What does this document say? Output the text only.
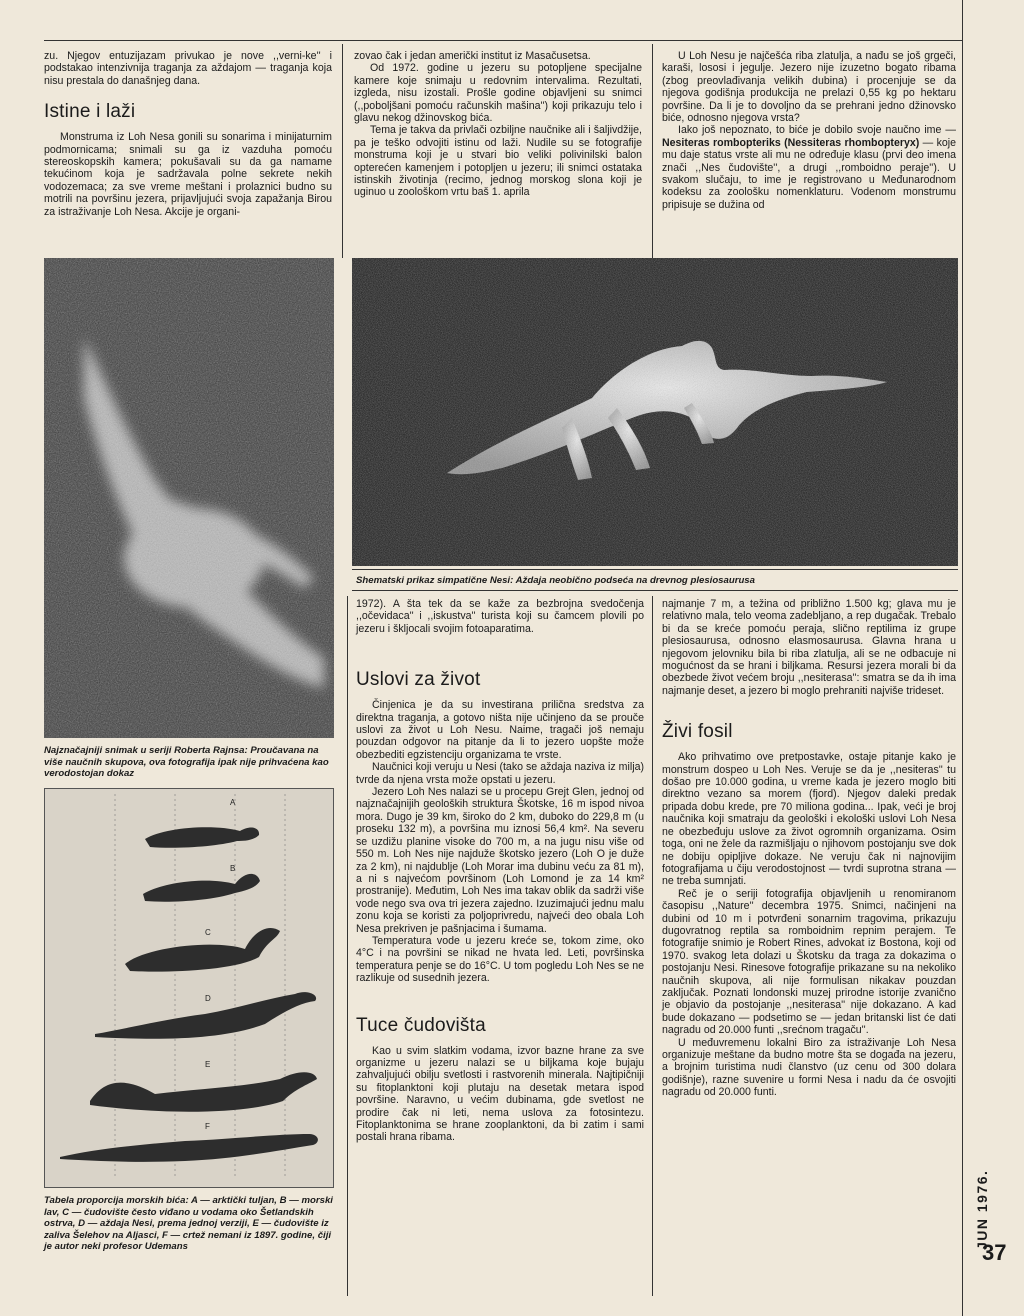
zu. Njegov entuzijazam privukao je nove ,,verni-ke'' i podstakao intenzivnija traganja za aždajom — traganja koja nisu prestala do današnjeg dana.

Istine i laži

Monstruma iz Loh Nesa gonili su sonarima i minijaturnim podmornicama; snimali su ga iz vazduha pomoću stereoskopskih kamera; pokušavali su da ga namame tekućinom koja je sadržavala polne sekrete nekih vodozemaca; za sve vreme meštani i prolaznici budno su motrili na površinu jezera, prijavljujući svoja zapažanja Birou za istraživanje Loh Nesa. Akcije je organi-

Najznačajniji snimak u seriji Roberta Rajnsa: Proučavana na više naučnih skupova, ova fotografija ipak nije prihvaćena kao verodostojan dokaz
A
B
C
D
E
F
Tabela proporcija morskih bića: A — arktički tuljan, B — morski lav, C — čudovište često viđano u vodama oko Šetlandskih ostrva, D — aždaja Nesi, prema jednoj verziji, E — čudovište iz zaliva Šelehov na Aljasci, F — crtež nemani iz 1897. godine, čiji je autor neki profesor Udemans

zovao čak i jedan američki institut iz Masačusetsa.

Od 1972. godine u jezeru su potopljene specijalne kamere koje snimaju u redovnim intervalima. Rezultati, izgleda, nisu izostali. Prošle godine objavljeni su snimci (,,poboljšani pomoću računskih mašina'') koji prikazuju telo i glavu nekog džinovskog bića.

Tema je takva da privlači ozbiljne naučnike ali i šaljivdžije, pa je teško odvojiti istinu od laži. Nudile su se fotografije monstruma koji je u stvari bio veliki polivinilski balon opterećen kamenjem i potopljen u jezeru; ili snimci ostataka istinskih životinja (recimo, jednog morskog slona koji je uginuo u zoološkom vrtu baš 1. aprila

U Loh Nesu je najčešća riba zlatulja, a nađu se još grgeči, karaši, lososi i jegulje. Jezero nije izuzetno bogato ribama (zbog preovlađivanja velikih dubina) i procenjuje se da njegova godišnja produkcija ne prelazi 0,55 kg po hektaru površine. Da li je to dovoljno da se prehrani jedno džinovsko biće, odnosno njegova vrsta?

Iako još nepoznato, to biće je dobilo svoje naučno ime — Nesiteras rombopteriks (Nessiteras rhombopteryx) — koje mu daje status vrste ali mu ne određuje klasu (prvi deo imena znači ,,Nes čudovište'', a drugi ,,romboidno peraje''). U svakom slučaju, to ime je registrovano u Međunarodnom kodeksu za zoološku nomenklaturu. Vodenom monstrumu pripisuje se dužina od

Shematski prikaz simpatične Nesi: Aždaja neobično podseća na drevnog plesiosaurusa

1972). A šta tek da se kaže za bezbrojna svedočenja ,,očevidaca'' i ,,iskustva'' turista koji su čamcem plovili po jezeru i škljocali svojim fotoaparatima.

Uslovi za život

Činjenica je da su investirana prilična sredstva za direktna traganja, a gotovo ništa nije učinjeno da se prouče uslovi za život u Loh Nesu. Naime, tragači još nemaju pouzdan odgovor na pitanje da li to jezero uopšte može obezbediti egzistenciju organizama te vrste.

Naučnici koji veruju u Nesi (tako se aždaja naziva iz milja) tvrde da njena vrsta može opstati u jezeru.

Jezero Loh Nes nalazi se u procepu Grejt Glen, jednoj od najznačajnijih geoloških struktura Škotske, 16 m ispod nivoa mora. Dugo je 39 km, široko do 2 km, duboko do 229,8 m (u proseku 132 m), a površina mu iznosi 56,4 km². Na severu se uzdižu planine visoke do 700 m, a na jugu nisu više od 550 m. Loh Nes nije najduže škotsko jezero (Loh O je duže za 2 km), ni najdublje (Loh Morar ima dubinu veću za 81 m), a ni s najvećom površinom (Loh Lomond je za 14 km² prostranije). Međutim, Loh Nes ima takav oblik da sadrži više vode nego sva ova tri jezera zajedno. Izuzimajući jednu malu zonu koja se koristi za poljoprivredu, najveći deo obala Loh Nesa prekriven je pašnjacima i šumama.

Temperatura vode u jezeru kreće se, tokom zime, oko 4°C i na površini se nikad ne hvata led. Leti, površinska temperatura penje se do 16°C. U tom pogledu Loh Nes se ne razlikuje od susednih jezera.

Tuce čudovišta

Kao u svim slatkim vodama, izvor bazne hrane za sve organizme u jezeru nalazi se u biljkama koje bujaju zahvaljujući obilju svetlosti i rastvorenih minerala. Najtipičniji su fitoplanktoni koji plutaju na desetak metara ispod površine. Naravno, u većim dubinama, gde svetlost ne prodire čak ni leti, nema uslova za fotosintezu. Fitoplanktonima se hrane zooplanktoni, da bi zatim i sami postali hrana ribama.

najmanje 7 m, a težina od približno 1.500 kg; glava mu je relativno mala, telo veoma zadebljano, a rep dugačak. Trebalo bi da se kreće pomoću peraja, slično reptilima iz grupe plesiosaurusa, odnosno elasmosaurusa. Glavna hrana u njegovom jelovniku bila bi riba zlatulja, ali se ne odbacuje ni mogućnost da se hrani i biljkama. Resursi jezera morali bi da obezbede život većem broju ,,nesiterasa'': smatra se da ih ima najmanje deset, a jezero bi moglo prehraniti najviše trideset.

Živi fosil

Ako prihvatimo ove pretpostavke, ostaje pitanje kako je monstrum dospeo u Loh Nes. Veruje se da je ,,nesiteras'' tu došao pre 10.000 godina, u vreme kada je jezero moglo biti direktno vezano sa morem (fjord). Njegov daleki predak pripada dobu krede, pre 70 miliona godina... Ipak, veći je broj naučnika koji smatraju da geološki i ekološki uslovi Loh Nesa ne obezbeđuju uslove za život ogromnih organizama. Osim toga, oni ne žele da razmišljaju o njihovom postojanju sve dok ne dobiju opipljive dokaze. Ne veruju čak ni najnovijim fotografijama u čiju verodostojnost — tvrdi suprotna strana — ne treba sumnjati.

Reč je o seriji fotografija objavljenih u renomiranom časopisu ,,Nature'' decembra 1975. Snimci, načinjeni na dubini od 10 m i potvrđeni sonarnim tragovima, prikazuju dugovratnog reptila sa romboidnim repnim perajem. Te fotografije snimio je Robert Rines, advokat iz Bostona, koji od 1970. svakog leta dolazi u Škotsku da traga za dokazima o postojanju Nesi. Rinesove fotografije prikazane su na nekoliko naučnih skupova, ali nije formulisan nikakav pouzdan zaključak. Poznati londonski muzej prirodne istorije zvanično je objavio da postojanje ,,nesiterasa'' nije dokazano. A kad bude dokazano — podsetimo se — jedan britanski list će dati nagradu od 20.000 funti ,,srećnom tragaču''.

U međuvremenu lokalni Biro za istraživanje Loh Nesa organizuje meštane da budno motre šta se događa na jezeru, a brojnim turistima nudi članstvo (uz cenu od 300 dolara godišnje), razne suvenire u formi Nesa i nadu da će osvojiti nagradu od 20.000 funti.

JUN 1976.
37
